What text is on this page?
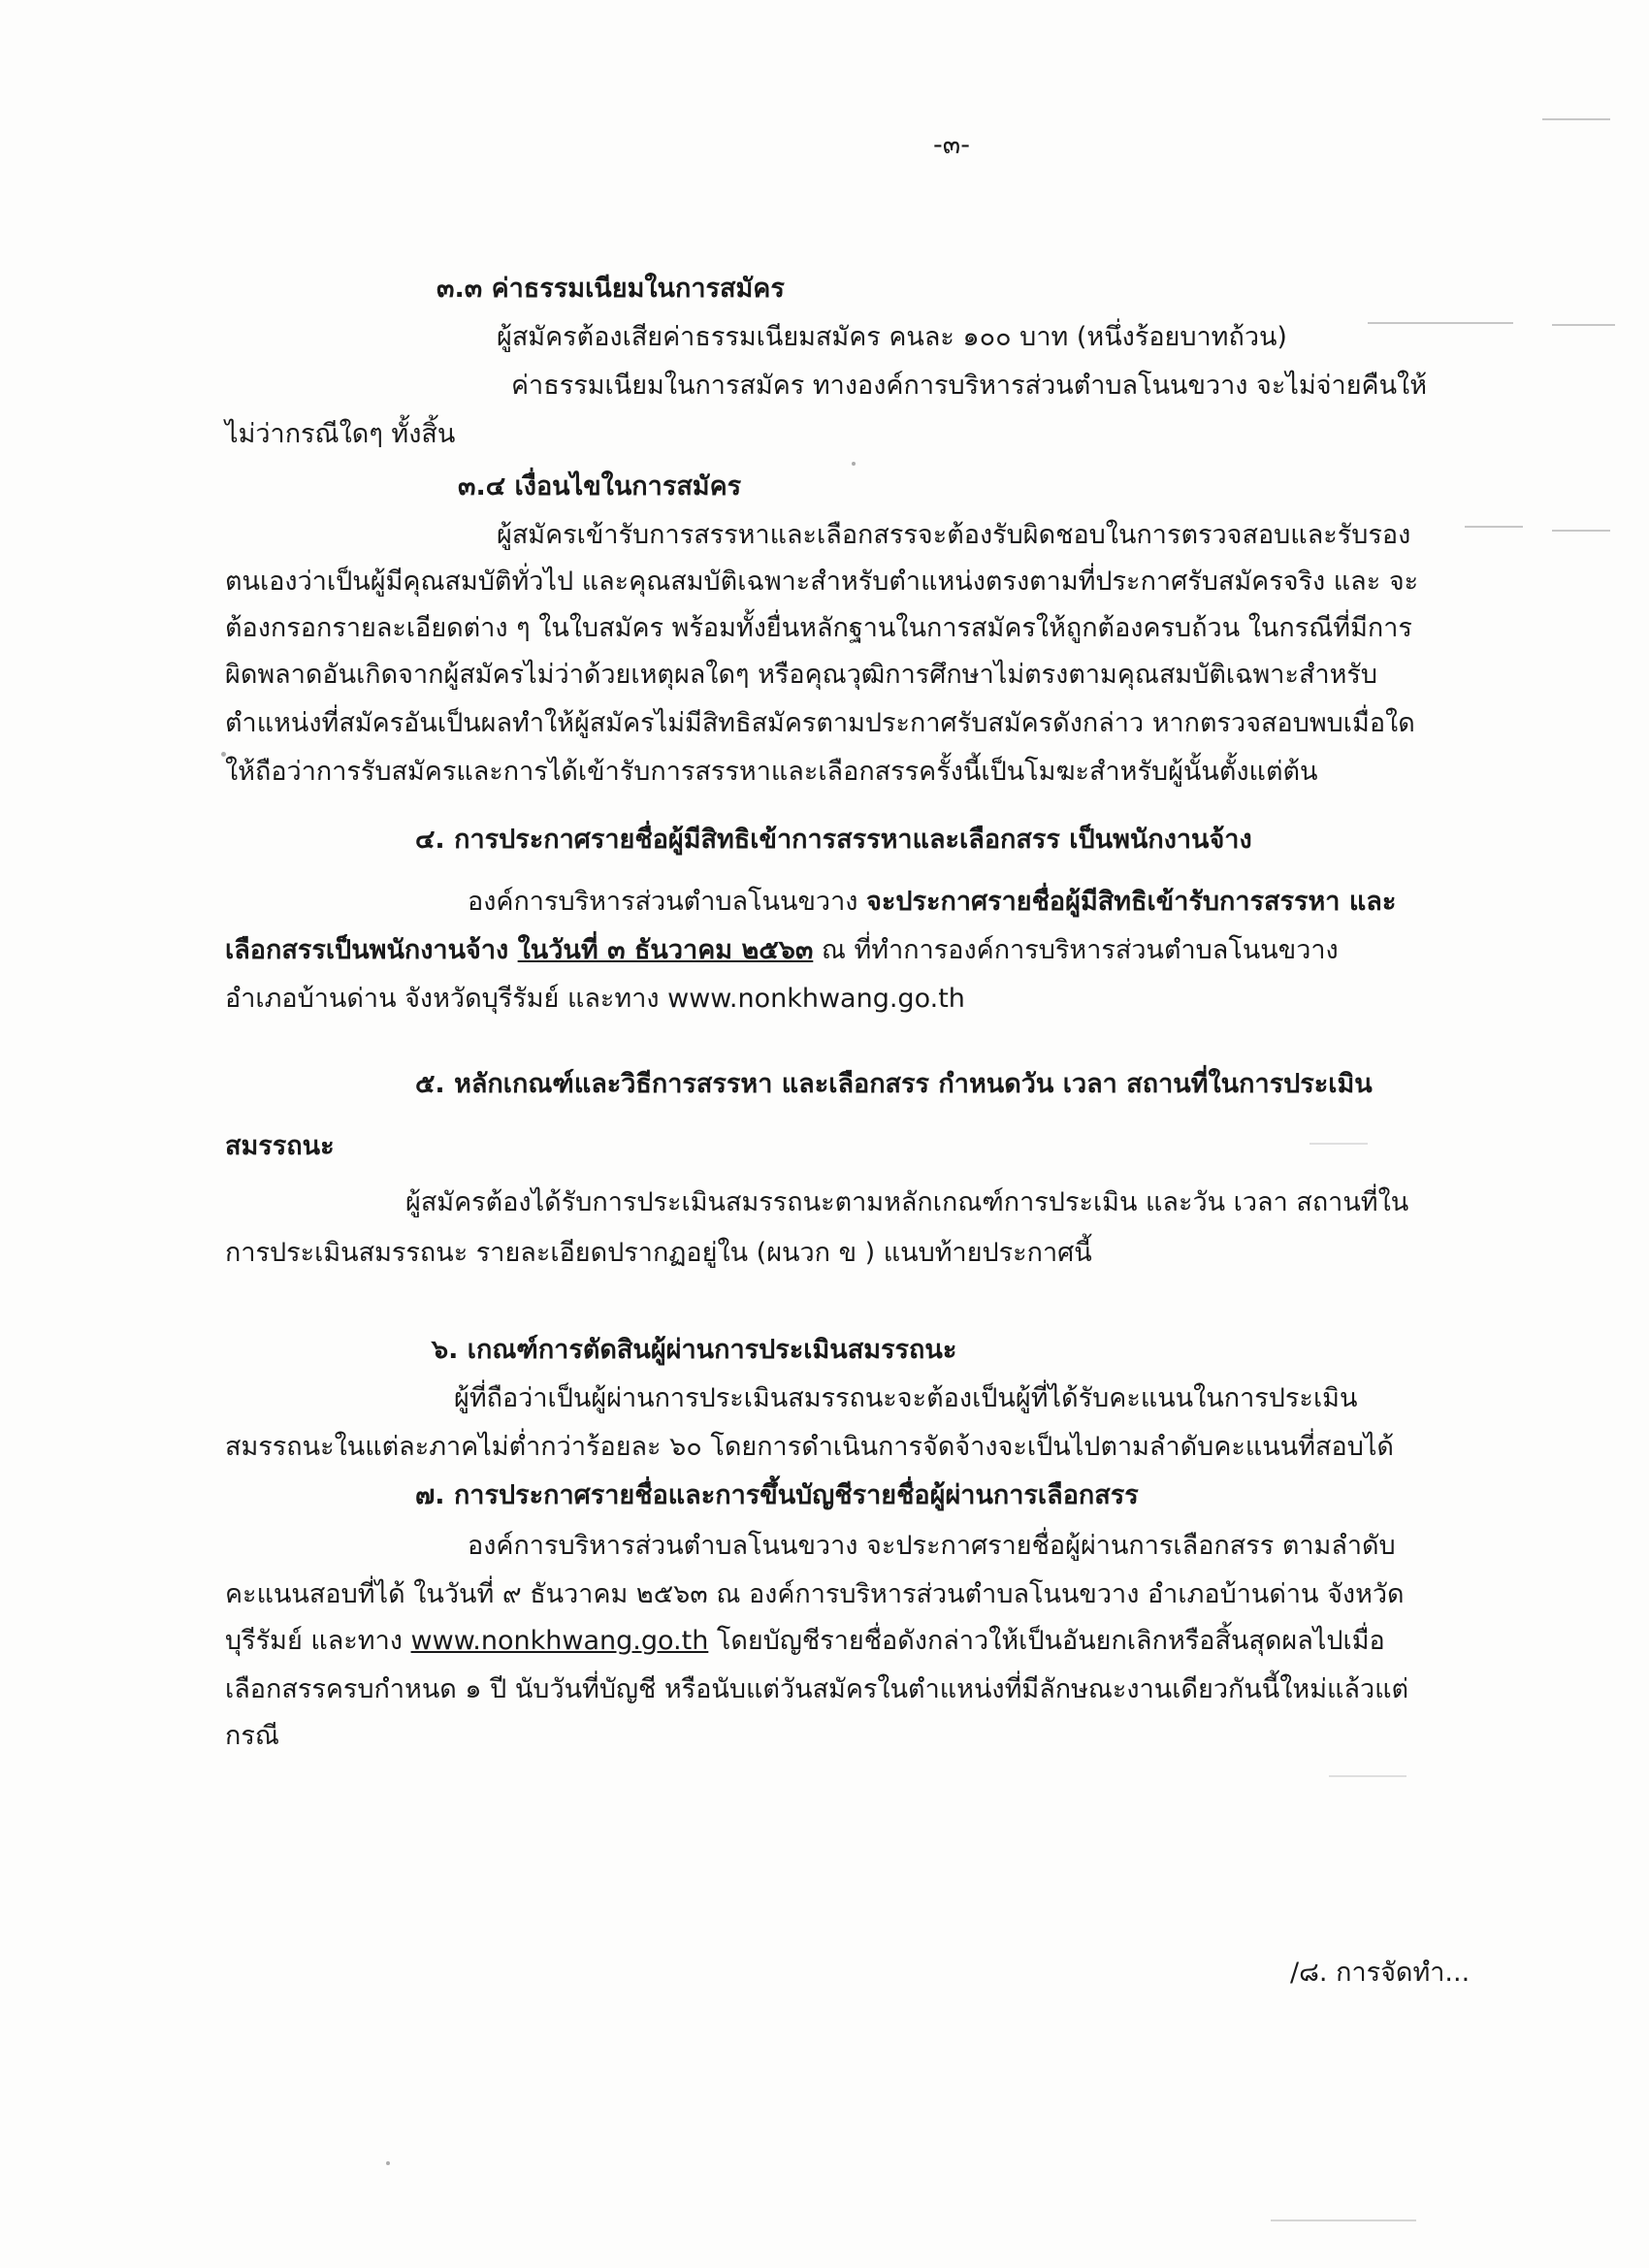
-๓-
๓.๓ ค่าธรรมเนียมในการสมัคร
ผู้สมัครต้องเสียค่าธรรมเนียมสมัคร คนละ ๑๐๐ บาท (หนึ่งร้อยบาทถ้วน)
ค่าธรรมเนียมในการสมัคร ทางองค์การบริหารส่วนตำบลโนนขวาง จะไม่จ่ายคืนให้
ไม่ว่ากรณีใดๆ ทั้งสิ้น
๓.๔ เงื่อนไขในการสมัคร
ผู้สมัครเข้ารับการสรรหาและเลือกสรรจะต้องรับผิดชอบในการตรวจสอบและรับรอง
ตนเองว่าเป็นผู้มีคุณสมบัติทั่วไป และคุณสมบัติเฉพาะสำหรับตำแหน่งตรงตามที่ประกาศรับสมัครจริง และ จะ
ต้องกรอกรายละเอียดต่าง ๆ ในใบสมัคร พร้อมทั้งยื่นหลักฐานในการสมัครให้ถูกต้องครบถ้วน ในกรณีที่มีการ
ผิดพลาดอันเกิดจากผู้สมัครไม่ว่าด้วยเหตุผลใดๆ หรือคุณวุฒิการศึกษาไม่ตรงตามคุณสมบัติเฉพาะสำหรับ
ตำแหน่งที่สมัครอันเป็นผลทำให้ผู้สมัครไม่มีสิทธิสมัครตามประกาศรับสมัครดังกล่าว หากตรวจสอบพบเมื่อใด
ให้ถือว่าการรับสมัครและการได้เข้ารับการสรรหาและเลือกสรรครั้งนี้เป็นโมฆะสำหรับผู้นั้นตั้งแต่ต้น
๔. การประกาศรายชื่อผู้มีสิทธิเข้าการสรรหาและเลือกสรร เป็นพนักงานจ้าง
องค์การบริหารส่วนตำบลโนนขวาง จะประกาศรายชื่อผู้มีสิทธิเข้ารับการสรรหา และ
เลือกสรรเป็นพนักงานจ้าง ในวันที่ ๓ ธันวาคม ๒๕๖๓ ณ ที่ทำการองค์การบริหารส่วนตำบลโนนขวาง
อำเภอบ้านด่าน จังหวัดบุรีรัมย์ และทาง www.nonkhwang.go.th
๕. หลักเกณฑ์และวิธีการสรรหา และเลือกสรร กำหนดวัน เวลา สถานที่ในการประเมิน
สมรรถนะ
ผู้สมัครต้องได้รับการประเมินสมรรถนะตามหลักเกณฑ์การประเมิน และวัน เวลา สถานที่ใน
การประเมินสมรรถนะ รายละเอียดปรากฏอยู่ใน (ผนวก ข ) แนบท้ายประกาศนี้
๖. เกณฑ์การตัดสินผู้ผ่านการประเมินสมรรถนะ
ผู้ที่ถือว่าเป็นผู้ผ่านการประเมินสมรรถนะจะต้องเป็นผู้ที่ได้รับคะแนนในการประเมิน
สมรรถนะในแต่ละภาคไม่ต่ำกว่าร้อยละ ๖๐ โดยการดำเนินการจัดจ้างจะเป็นไปตามลำดับคะแนนที่สอบได้
๗. การประกาศรายชื่อและการขึ้นบัญชีรายชื่อผู้ผ่านการเลือกสรร
องค์การบริหารส่วนตำบลโนนขวาง จะประกาศรายชื่อผู้ผ่านการเลือกสรร ตามลำดับ
คะแนนสอบที่ได้ ในวันที่ ๙ ธันวาคม ๒๕๖๓ ณ องค์การบริหารส่วนตำบลโนนขวาง อำเภอบ้านด่าน จังหวัด
บุรีรัมย์ และทาง www.nonkhwang.go.th โดยบัญชีรายชื่อดังกล่าวให้เป็นอันยกเลิกหรือสิ้นสุดผลไปเมื่อ
เลือกสรรครบกำหนด ๑ ปี นับวันที่บัญชี หรือนับแต่วันสมัครในตำแหน่งที่มีลักษณะงานเดียวกันนี้ใหม่แล้วแต่
กรณี
/๘. การจัดทำ...
